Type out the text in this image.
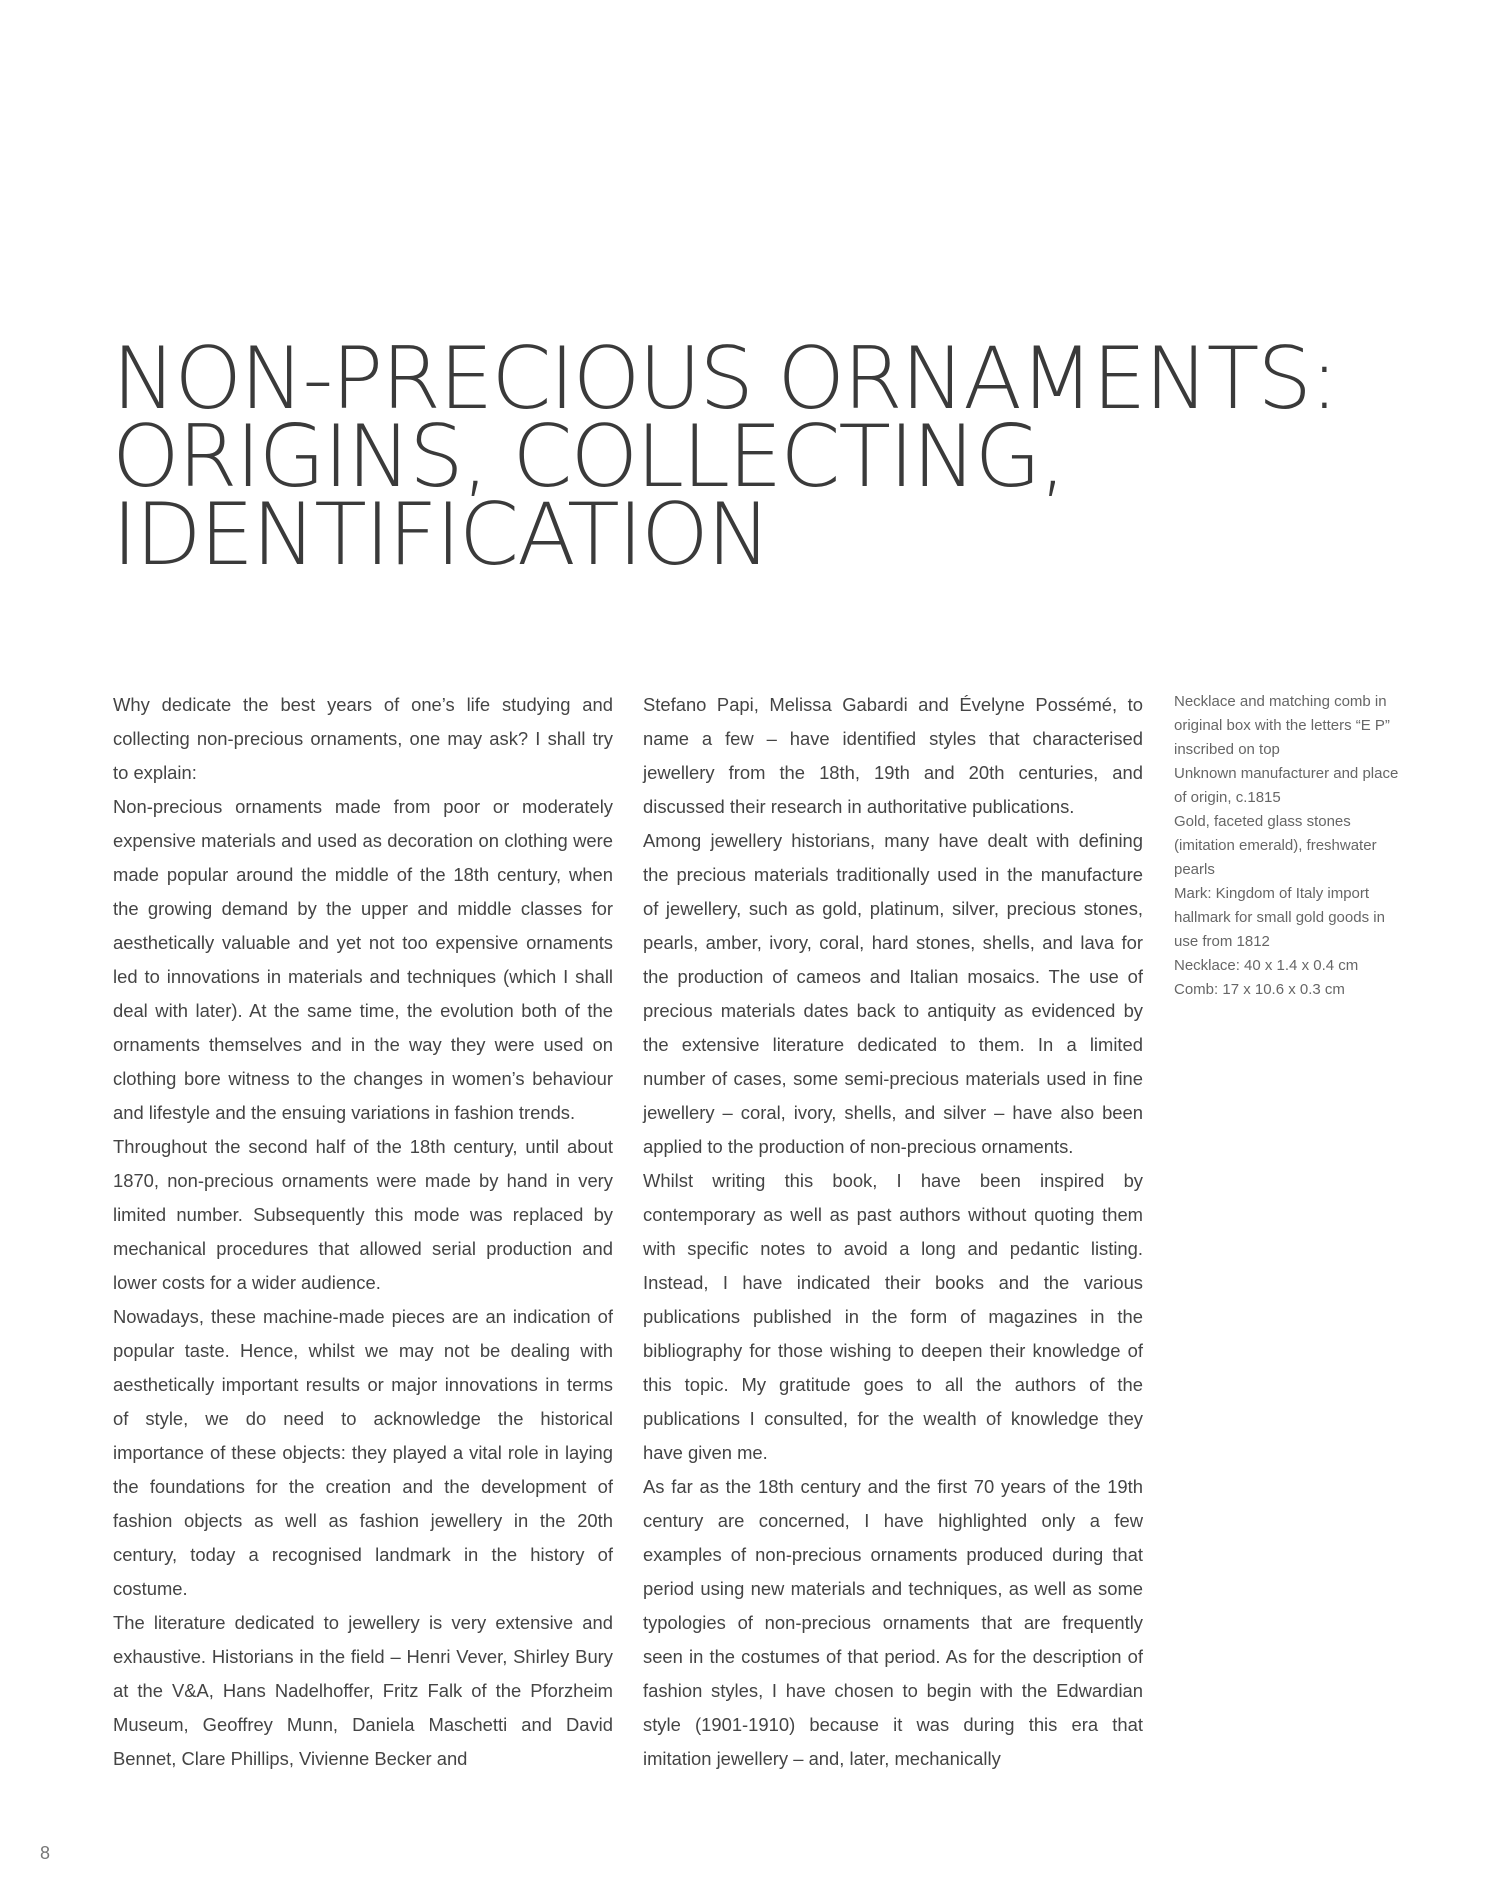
NON-PRECIOUS ORNAMENTS:
ORIGINS, COLLECTING,
IDENTIFICATION

Why dedicate the best years of one’s life studying and collecting non-precious ornaments, one may ask? I shall try to explain:

Non-precious ornaments made from poor or moderately expensive materials and used as decoration on clothing were made popular around the middle of the 18th century, when the growing demand by the upper and middle classes for aesthetically valuable and yet not too expensive ornaments led to innovations in materials and techniques (which I shall deal with later). At the same time, the evolution both of the ornaments themselves and in the way they were used on clothing bore witness to the changes in women’s behaviour and lifestyle and the ensuing variations in fashion trends.

Throughout the second half of the 18th century, until about 1870, non-precious ornaments were made by hand in very limited number. Subsequently this mode was replaced by mechanical procedures that allowed serial production and lower costs for a wider audience.

Nowadays, these machine-made pieces are an indication of popular taste. Hence, whilst we may not be dealing with aesthetically important results or major innovations in terms of style, we do need to acknowledge the historical importance of these objects: they played a vital role in laying the foundations for the creation and the development of fashion objects as well as fashion jewellery in the 20th century, today a recognised landmark in the history of costume.

The literature dedicated to jewellery is very extensive and exhaustive. Historians in the field – Henri Vever, Shirley Bury at the V&A, Hans Nadelhoffer, Fritz Falk of the Pforzheim Museum, Geoffrey Munn, Daniela Maschetti and David Bennet, Clare Phillips, Vivienne Becker and

Stefano Papi, Melissa Gabardi and Évelyne Possémé, to name a few – have identified styles that characterised jewellery from the 18th, 19th and 20th centuries, and discussed their research in authoritative publications.

Among jewellery historians, many have dealt with defining the precious materials traditionally used in the manufacture of jewellery, such as gold, platinum, silver, precious stones, pearls, amber, ivory, coral, hard stones, shells, and lava for the production of cameos and Italian mosaics. The use of precious materials dates back to antiquity as evidenced by the extensive literature dedicated to them. In a limited number of cases, some semi-precious materials used in fine jewellery – coral, ivory, shells, and silver – have also been applied to the production of non-precious ornaments.

Whilst writing this book, I have been inspired by contemporary as well as past authors without quoting them with specific notes to avoid a long and pedantic listing. Instead, I have indicated their books and the various publications published in the form of magazines in the bibliography for those wishing to deepen their knowledge of this topic. My gratitude goes to all the authors of the publications I consulted, for the wealth of knowledge they have given me.

As far as the 18th century and the first 70 years of the 19th century are concerned, I have highlighted only a few examples of non-precious ornaments produced during that period using new materials and techniques, as well as some typologies of non-precious ornaments that are frequently seen in the costumes of that period. As for the description of fashion styles, I have chosen to begin with the Edwardian style (1901-1910) because it was during this era that imitation jewellery – and, later, mechanically

Necklace and matching comb in original box with the letters “E P” inscribed on top

Unknown manufacturer and place of origin, c.1815

Gold, faceted glass stones (imitation emerald), freshwater pearls

Mark: Kingdom of Italy import hallmark for small gold goods in use from 1812

Necklace: 40 x 1.4 x 0.4 cm

Comb: 17 x 10.6 x 0.3 cm

8
